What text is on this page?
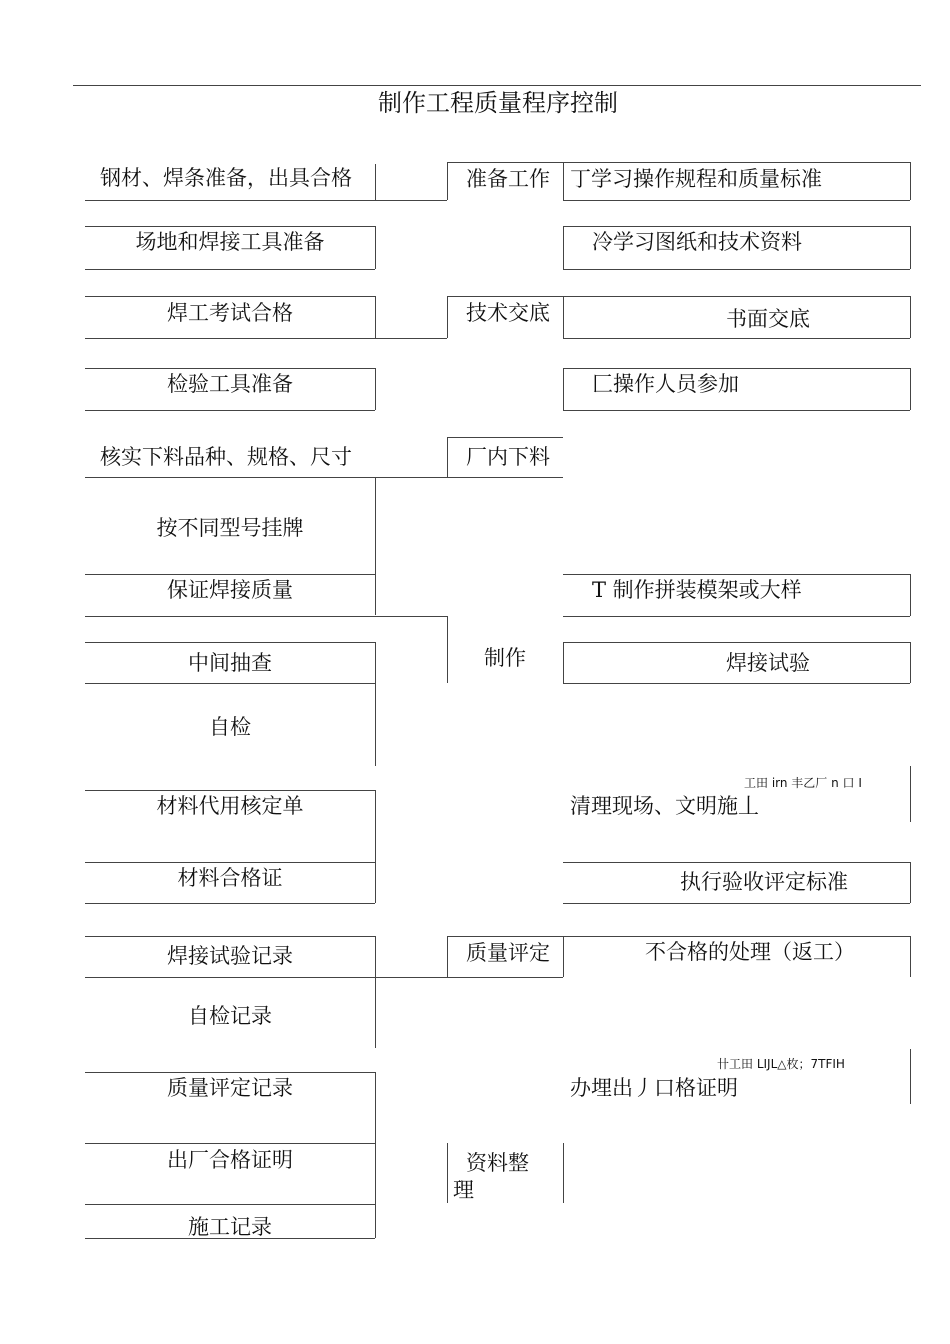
制作工程质量程序控制
钢材、焊条准备，出具合格
场地和焊接工具准备
焊工考试合格
检验工具准备
核实下料品种、规格、尺寸
按不同型号挂牌
保证焊接质量
中间抽查
自检
材料代用核定单
材料合格证
焊接试验记录
自检记录
质量评定记录
出厂合格证明
施工记录
准备工作
技术交底
厂内下料
制作
质量评定
资料整
理
丁学习操作规程和质量标准
冷学习图纸和技术资料
书面交底
匚操作人员参加
T 制作拼装模架或大样
焊接试验
工田 irn 丰乙厂 n 口 I
清理现场、文明施丄
执行验收评定标准
不合格的处理（返工）
卄工田 LIJL△枚；7TFIH
办埋出丿口格证明
